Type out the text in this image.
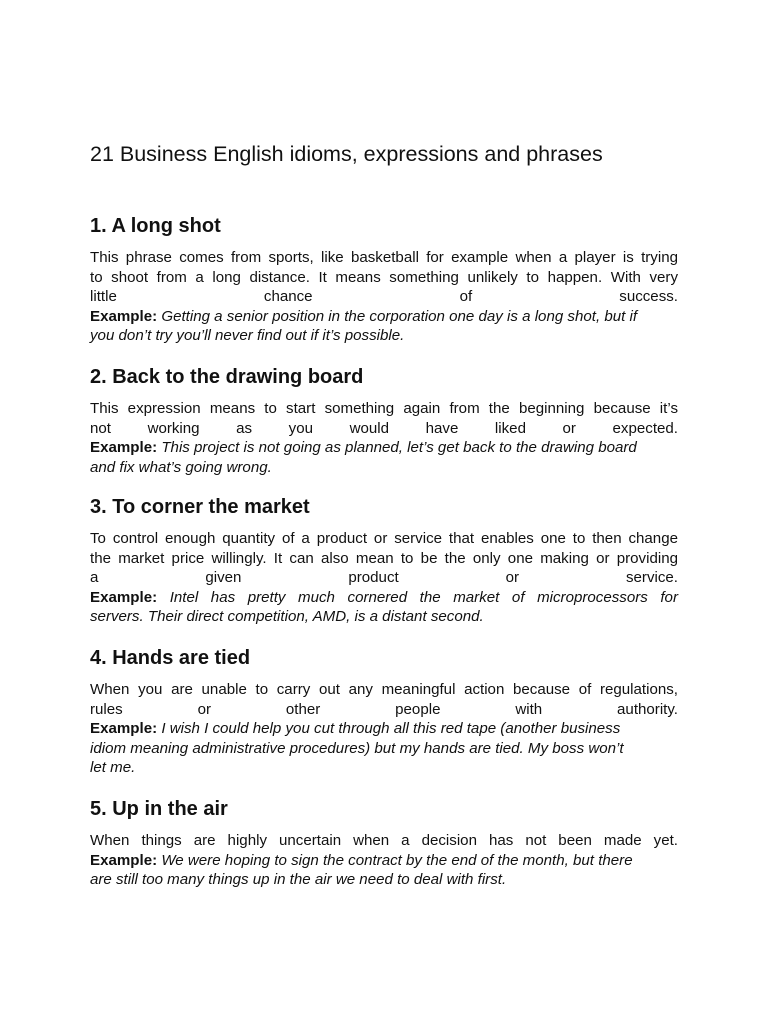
21 Business English idioms, expressions and phrases
1. A long shot

This phrase comes from sports, like basketball for example when a player is trying
to shoot from a long distance. It means something unlikely to happen. With very
little chance of success.
Example: Getting a senior position in the corporation one day is a long shot, but if
you don’t try you’ll never find out if it’s possible.

2. Back to the drawing board

This expression means to start something again from the beginning because it’s
not working as you would have liked or expected.
Example: This project is not going as planned, let’s get back to the drawing board
and fix what’s going wrong.

3. To corner the market

To control enough quantity of a product or service that enables one to then change
the market price willingly. It can also mean to be the only one making or providing
a given product or service.
Example: Intel has pretty much cornered the market of microprocessors for
servers. Their direct competition, AMD, is a distant second.

4. Hands are tied

When you are unable to carry out any meaningful action because of regulations,
rules or other people with authority.
Example: I wish I could help you cut through all this red tape (another business
idiom meaning administrative procedures) but my hands are tied. My boss won’t
let me.

5. Up in the air

When things are highly uncertain when a decision has not been made yet.
Example: We were hoping to sign the contract by the end of the month, but there
are still too many things up in the air we need to deal with first.
